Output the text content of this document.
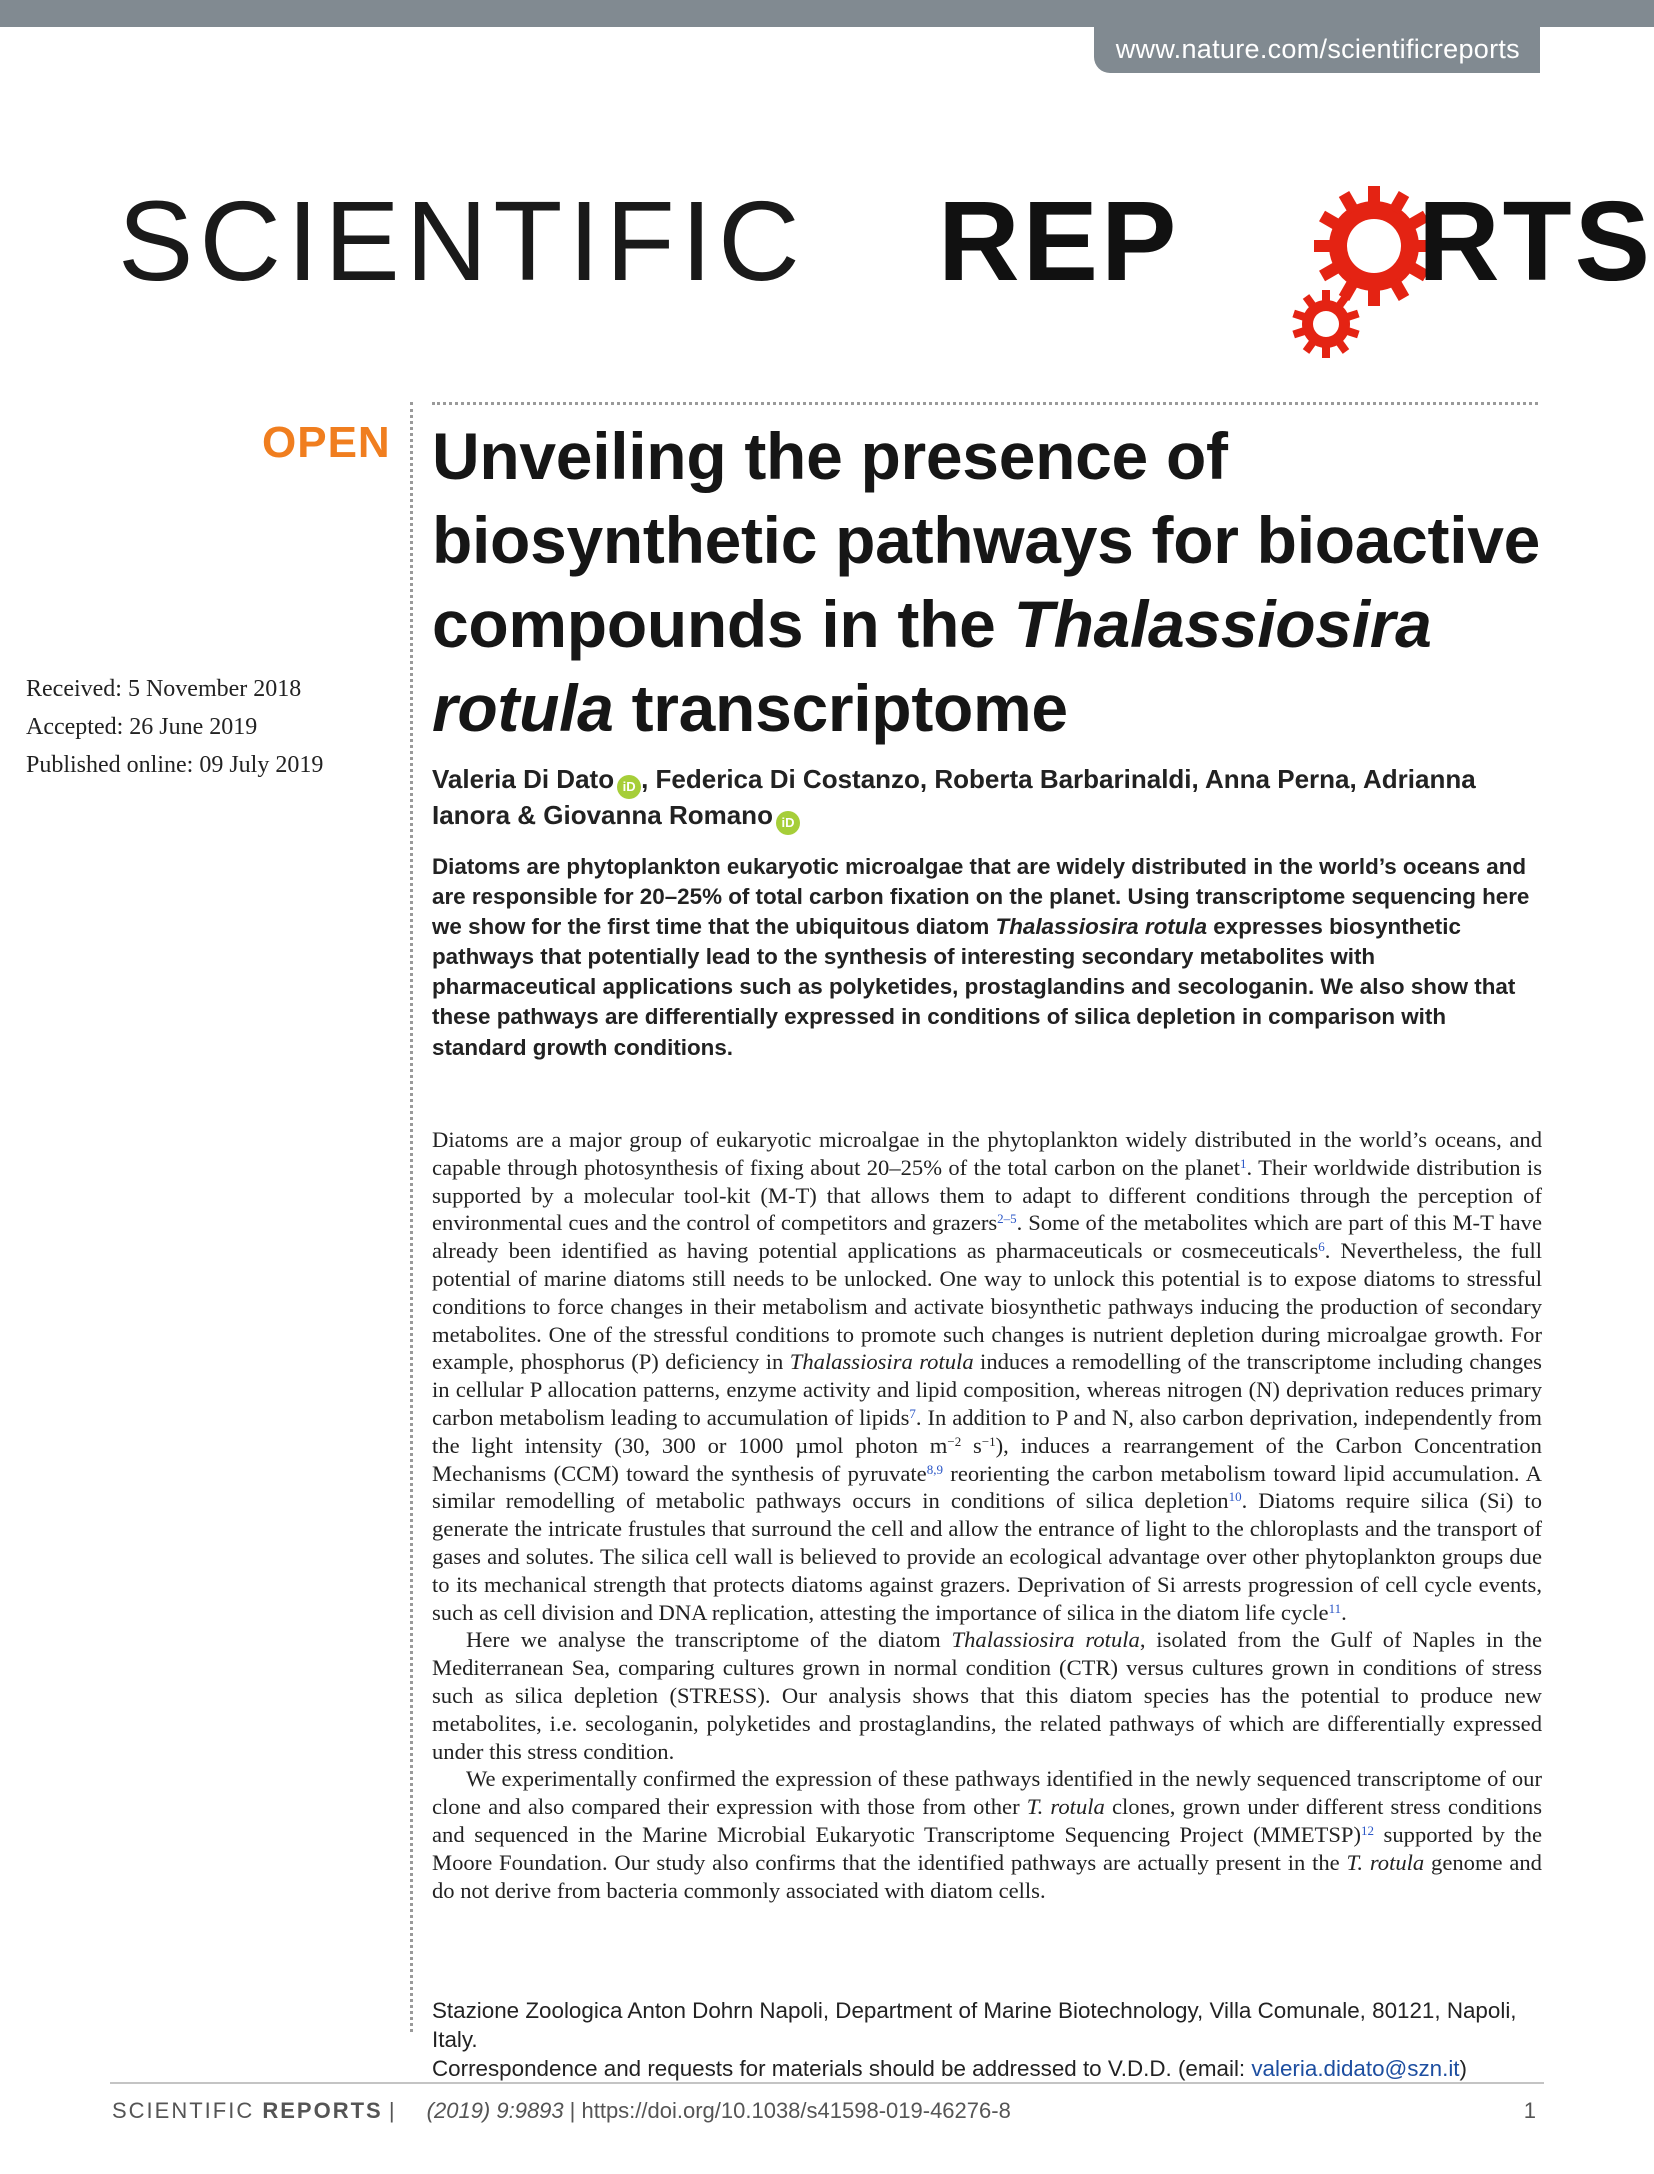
www.nature.com/scientificreports
SCIENTIFIC REP RTS
OPEN
Received: 5 November 2018
Accepted: 26 June 2019
Published online: 09 July 2019
Unveiling the presence of biosynthetic pathways for bioactive compounds in the Thalassiosira rotula transcriptome
Valeria Di Dato iD , Federica Di Costanzo, Roberta Barbarinaldi, Anna Perna, Adrianna Ianora & Giovanna Romano iD

Diatoms are phytoplankton eukaryotic microalgae that are widely distributed in the world’s oceans and are responsible for 20–25% of total carbon fixation on the planet. Using transcriptome sequencing here we show for the first time that the ubiquitous diatom Thalassiosira rotula expresses biosynthetic pathways that potentially lead to the synthesis of interesting secondary metabolites with pharmaceutical applications such as polyketides, prostaglandins and secologanin. We also show that these pathways are differentially expressed in conditions of silica depletion in comparison with standard growth conditions.

Diatoms are a major group of eukaryotic microalgae in the phytoplankton widely distributed in the world’s oceans, and capable through photosynthesis of fixing about 20–25% of the total carbon on the planet$^1$. Their worldwide distribution is supported by a molecular tool-kit (M-T) that allows them to adapt to different conditions through the perception of environmental cues and the control of competitors and grazers$^{2-5}$. Some of the metabolites which are part of this M-T have already been identified as having potential applications as pharmaceuticals or cosmeceuticals$^6$. Nevertheless, the full potential of marine diatoms still needs to be unlocked. One way to unlock this potential is to expose diatoms to stressful conditions to force changes in their metabolism and activate biosynthetic pathways inducing the production of secondary metabolites. One of the stressful conditions to promote such changes is nutrient depletion during microalgae growth. For example, phosphorus (P) deficiency in Thalassiosira rotula induces a remodelling of the transcriptome including changes in cellular P allocation patterns, enzyme activity and lipid composition, whereas nitrogen (N) deprivation reduces primary carbon metabolism leading to accumulation of lipids$^7$. In addition to P and N, also carbon deprivation, independently from the light intensity (30, 300 or 1000 µmol photon $m^{-2}$ $s^{-1}$), induces a rearrangement of the Carbon Concentration Mechanisms (CCM) toward the synthesis of pyruvate$^{8,9}$ reorienting the carbon metabolism toward lipid accumulation. A similar remodelling of metabolic pathways occurs in conditions of silica depletion$^{10}$. Diatoms require silica (Si) to generate the intricate frustules that surround the cell and allow the entrance of light to the chloroplasts and the transport of gases and solutes. The silica cell wall is believed to provide an ecological advantage over other phytoplankton groups due to its mechanical strength that protects diatoms against grazers. Deprivation of Si arrests progression of cell cycle events, such as cell division and DNA replication, attesting the importance of silica in the diatom life cycle$^{11}$.

Here we analyse the transcriptome of the diatom Thalassiosira rotula, isolated from the Gulf of Naples in the Mediterranean Sea, comparing cultures grown in normal condition (CTR) versus cultures grown in conditions of stress such as silica depletion (STRESS). Our analysis shows that this diatom species has the potential to produce new metabolites, i.e. secologanin, polyketides and prostaglandins, the related pathways of which are differentially expressed under this stress condition.

We experimentally confirmed the expression of these pathways identified in the newly sequenced transcriptome of our clone and also compared their expression with those from other T. rotula clones, grown under different stress conditions and sequenced in the Marine Microbial Eukaryotic Transcriptome Sequencing Project (MMETSP)$^{12}$ supported by the Moore Foundation. Our study also confirms that the identified pathways are actually present in the T. rotula genome and do not derive from bacteria commonly associated with diatom cells.

Stazione Zoologica Anton Dohrn Napoli, Department of Marine Biotechnology, Villa Comunale, 80121, Napoli, Italy.
Correspondence and requests for materials should be addressed to V.D.D. (email: valeria.didato@szn.it)
SCIENTIFIC REPORTS | (2019) 9:9893 | https://doi.org/10.1038/s41598-019-46276-8	1
